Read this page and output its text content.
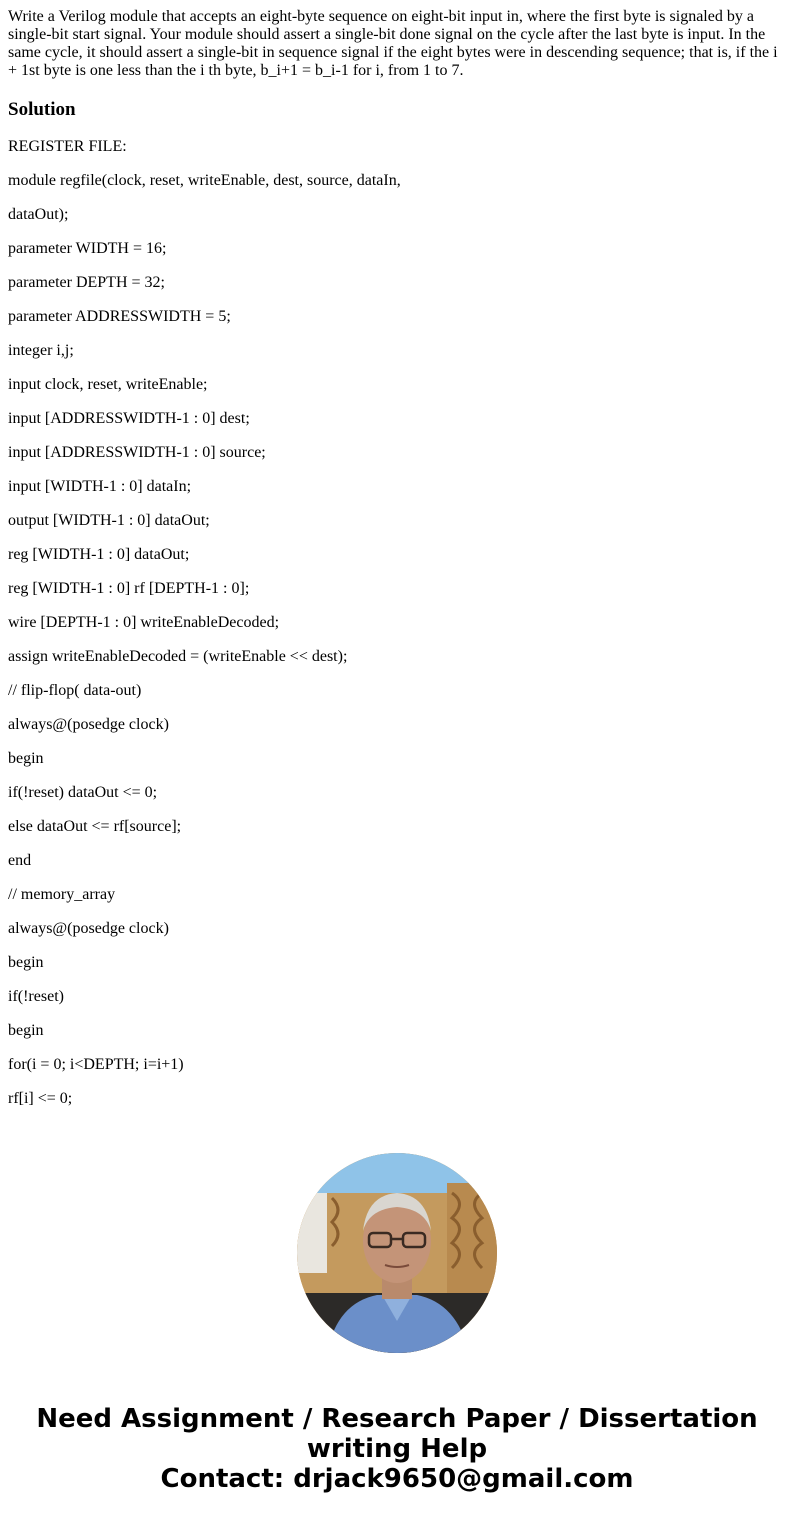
Write a Verilog module that accepts an eight-byte sequence on eight-bit input in, where the first byte is signaled by a single-bit start signal. Your module should assert a single-bit done signal on the cycle after the last byte is input. In the same cycle, it should assert a single-bit in sequence signal if the eight bytes were in descending sequence; that is, if the i + 1st byte is one less than the i th byte, b_i+1 = b_i-1 for i, from 1 to 7.

Solution
REGISTER FILE:
module regfile(clock, reset, writeEnable, dest, source, dataIn,
dataOut);
parameter WIDTH = 16;
parameter DEPTH = 32;
parameter ADDRESSWIDTH = 5;
integer i,j;
input clock, reset, writeEnable;
input [ADDRESSWIDTH-1 : 0] dest;
input [ADDRESSWIDTH-1 : 0] source;
input [WIDTH-1 : 0] dataIn;
output [WIDTH-1 : 0] dataOut;
reg [WIDTH-1 : 0] dataOut;
reg [WIDTH-1 : 0] rf [DEPTH-1 : 0];
wire [DEPTH-1 : 0] writeEnableDecoded;
assign writeEnableDecoded = (writeEnable << dest);
// flip-flop( data-out)
always@(posedge clock)
begin
if(!reset) dataOut <= 0;
else dataOut <= rf[source];
end
// memory_array
always@(posedge clock)
begin
if(!reset)
begin
for(i = 0; i<DEPTH; i=i+1)
rf[i] <= 0;
Need Assignment / Research Paper / Dissertation
writing Help
Contact: drjack9650@gmail.com
